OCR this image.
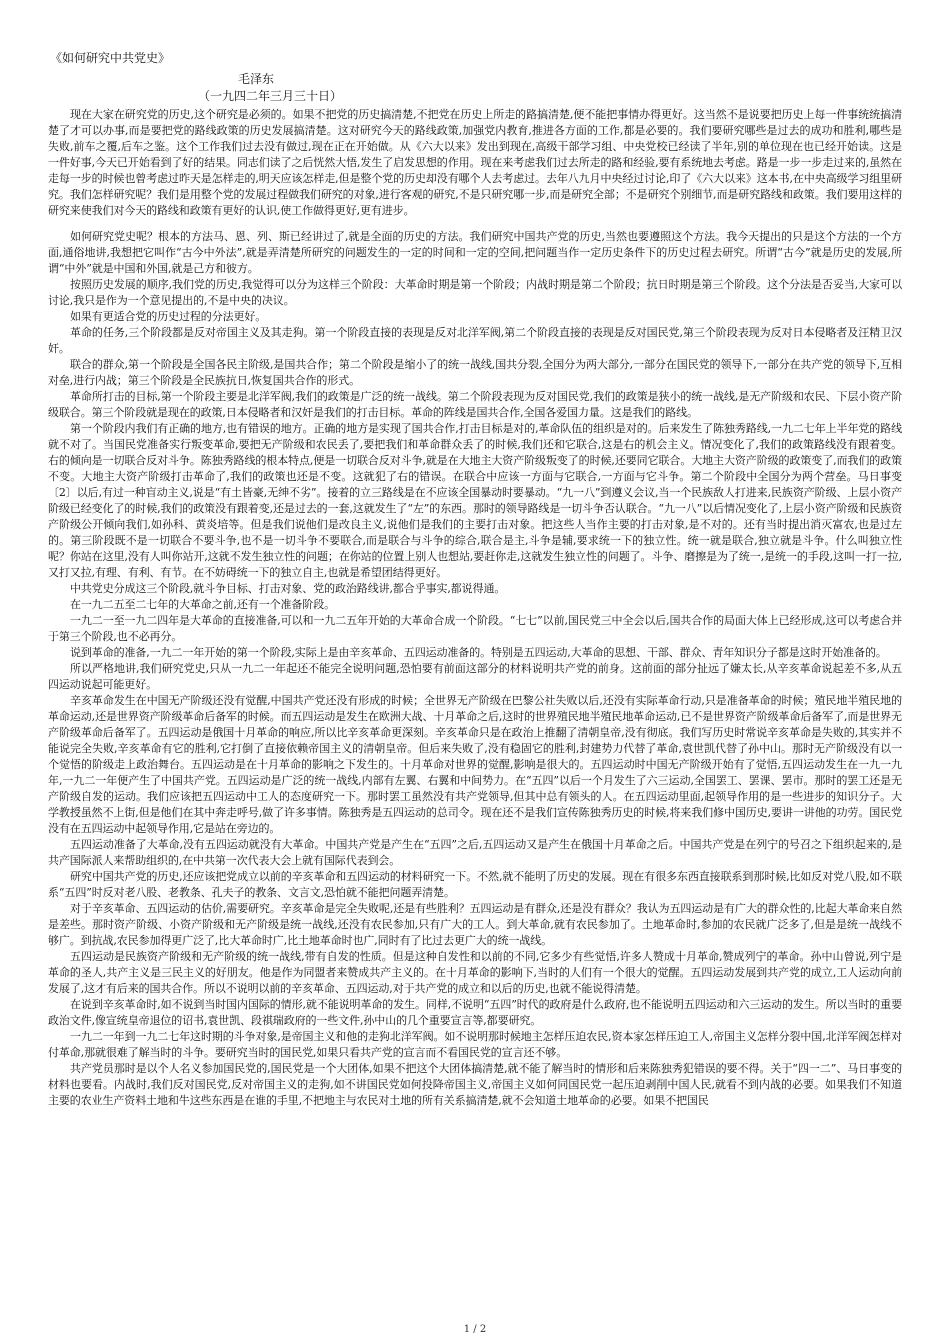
《如何研究中共党史》
毛泽东
（一九四二年三月三十日）

现在大家在研究党的历史,这个研究是必须的。如果不把党的历史搞清楚,不把党在历史上所走的路搞清楚,便不能把事情办得更好。这当然不是说要把历史上每一件事统统搞清楚了才可以办事,而是要把党的路线政策的历史发展搞清楚。这对研究今天的路线政策,加强党内教育,推进各方面的工作,都是必要的。我们要研究哪些是过去的成功和胜利,哪些是失败,前车之覆,后车之鉴。这个工作我们过去没有做过,现在正在开始做。从《六大以来》发出到现在,高级干部学习组、中央党校已经读了半年,别的单位现在也已经开始读。这是一件好事,今天已开始看到了好的结果。同志们读了之后恍然大悟,发生了启发思想的作用。现在来考虑我们过去所走的路和经验,要有系统地去考虑。路是一步一步走过来的,虽然在走每一步的时候也曾考虑过昨天是怎样走的,明天应该怎样走,但是整个党的历史却没有哪个人去考虑过。去年八九月中央经过讨论,印了《六大以来》这本书,在中央高级学习组里研究。我们怎样研究呢？我们是用整个党的发展过程做我们研究的对象,进行客观的研究,不是只研究哪一步,而是研究全部；不是研究个别细节,而是研究路线和政策。我们要用这样的研究来使我们对今天的路线和政策有更好的认识,使工作做得更好,更有进步。

如何研究党史呢？根本的方法马、恩、列、斯已经讲过了,就是全面的历史的方法。我们研究中国共产党的历史,当然也要遵照这个方法。我今天提出的只是这个方法的一个方面,通俗地讲,我想把它叫作“古今中外法”,就是弄清楚所研究的问题发生的一定的时间和一定的空间,把问题当作一定历史条件下的历史过程去研究。所谓“古今”就是历史的发展,所谓“中外”就是中国和外国,就是己方和彼方。

按照历史发展的顺序,我们党的历史,我觉得可以分为这样三个阶段：大革命时期是第一个阶段；内战时期是第二个阶段；抗日时期是第三个阶段。这个分法是否妥当,大家可以讨论,我只是作为一个意见提出的,不是中央的决议。

如果有更适合党的历史过程的分法更好。

革命的任务,三个阶段都是反对帝国主义及其走狗。第一个阶段直接的表现是反对北洋军阀,第二个阶段直接的表现是反对国民党,第三个阶段表现为反对日本侵略者及汪精卫汉奸。

联合的群众,第一个阶段是全国各民主阶级,是国共合作；第二个阶段是缩小了的统一战线,国共分裂,全国分为两大部分,一部分在国民党的领导下,一部分在共产党的领导下,互相对垒,进行内战；第三个阶段是全民族抗日,恢复国共合作的形式。

革命所打击的目标,第一个阶段主要是北洋军阀,我们的政策是广泛的统一战线。第二个阶段表现为反对国民党,我们的政策是狭小的统一战线,是无产阶级和农民、下层小资产阶级联合。第三个阶段就是现在的政策,日本侵略者和汉奸是我们的打击目标。革命的阵线是国共合作,全国各爱国力量。这是我们的路线。

第一个阶段内我们有正确的地方,也有错误的地方。正确的地方是实现了国共合作,打击目标是对的,革命队伍的组织是对的。后来发生了陈独秀路线,一九二七年上半年党的路线就不对了。当国民党准备实行叛变革命,要把无产阶级和农民丢了,要把我们和革命群众丢了的时候,我们还和它联合,这是右的机会主义。情况变化了,我们的政策路线没有跟着变。右的倾向是一切联合反对斗争。陈独秀路线的根本特点,便是一切联合反对斗争,就是在大地主大资产阶级叛变了的时候,还要同它联合。大地主大资产阶级的政策变了,而我们的政策不变。大地主大资产阶级打击革命了,我们的政策也还是不变。这就犯了右的错误。在联合中应该一方面与它联合,一方面与它斗争。第二个阶段中全国分为两个营垒。马日事变〔2〕以后,有过一种盲动主义,说是“有土皆豪,无绅不劣”。接着的立三路线是在不应该全国暴动时要暴动。“九一八”到遵义会议,当一个民族敌人打进来,民族资产阶级、上层小资产阶级已经变化了的时候,我们的政策没有跟着变,还是过去的一套,这就发生了“左”的东西。那时的领导路线是一切斗争否认联合。“九一八”以后情况变化了,上层小资产阶级和民族资产阶级公开倾向我们,如孙科、黄炎培等。但是我们说他们是改良主义,说他们是我们的主要打击对象。把这些人当作主要的打击对象,是不对的。还有当时提出消灭富农,也是过左的。第三阶段既不是一切联合不要斗争,也不是一切斗争不要联合,而是联合与斗争的综合,联合是主,斗争是辅,要求统一下的独立性。统一就是联合,独立就是斗争。什么叫独立性呢？你站在这里,没有人叫你站开,这就不发生独立性的问题；在你站的位置上别人也想站,要赶你走,这就发生独立性的问题了。斗争、磨擦是为了统一,是统一的手段,这叫一打一拉,又打又拉,有理、有利、有节。在不妨碍统一下的独立自主,也就是希望团结得更好。

中共党史分成这三个阶段,就斗争目标、打击对象、党的政治路线讲,都合乎事实,都说得通。

在一九二五至二七年的大革命之前,还有一个准备阶段。

一九二一至一九二四年是大革命的直接准备,可以和一九二五年开始的大革命合成一个阶段。“七七”以前,国民党三中全会以后,国共合作的局面大体上已经形成,这可以考虑合并于第三个阶段,也不必再分。

说到革命的准备,一九二一年开始的第一个阶段,实际上是由辛亥革命、五四运动准备的。特别是五四运动,大革命的思想、干部、群众、青年知识分子都是这时开始准备的。

所以严格地讲,我们研究党史,只从一九二一年起还不能完全说明问题,恐怕要有前面这部分的材料说明共产党的前身。这前面的部分扯远了嫌太长,从辛亥革命说起差不多,从五四运动说起可能更好。

辛亥革命发生在中国无产阶级还没有觉醒,中国共产党还没有形成的时候；全世界无产阶级在巴黎公社失败以后,还没有实际革命行动,只是准备革命的时候；殖民地半殖民地的革命运动,还是世界资产阶级革命后备军的时候。而五四运动是发生在欧洲大战、十月革命之后,这时的世界殖民地半殖民地革命运动,已不是世界资产阶级革命后备军了,而是世界无产阶级革命后备军了。五四运动是俄国十月革命的响应,所以比辛亥革命更深刻。辛亥革命只是在政治上推翻了清朝皇帝,没有彻底。我们写历史时常说辛亥革命是失败的,其实并不能说完全失败,辛亥革命有它的胜利,它打倒了直接依赖帝国主义的清朝皇帝。但后来失败了,没有稳固它的胜利,封建势力代替了革命,袁世凯代替了孙中山。那时无产阶级没有以一个觉悟的阶级走上政治舞台。五四运动是在十月革命的影响之下发生的。十月革命对世界的觉醒,影响是很大的。五四运动时中国无产阶级开始有了觉悟,五四运动发生在一九一九年,一九二一年便产生了中国共产党。五四运动是广泛的统一战线,内部有左翼、右翼和中间势力。在“五四”以后一个月发生了六三运动,全国罢工、罢课、罢市。那时的罢工还是无产阶级自发的运动。我们应该把五四运动中工人的态度研究一下。那时罢工虽然没有共产党领导,但其中总有领头的人。在五四运动里面,起领导作用的是一些进步的知识分子。大学教授虽然不上街,但是他们在其中奔走呼号,做了许多事情。陈独秀是五四运动的总司令。现在还不是我们宣传陈独秀历史的时候,将来我们修中国历史,要讲一讲他的功劳。国民党没有在五四运动中起领导作用,它是站在旁边的。

五四运动准备了大革命,没有五四运动就没有大革命。中国共产党是产生在“五四”之后,五四运动又是产生在俄国十月革命之后。中国共产党是在列宁的号召之下组织起来的,是共产国际派人来帮助组织的,在中共第一次代表大会上就有国际代表到会。

研究中国共产党的历史,还应该把党成立以前的辛亥革命和五四运动的材料研究一下。不然,就不能明了历史的发展。现在有很多东西直接联系到那时候,比如反对党八股,如不联系“五四”时反对老八股、老教条、孔夫子的教条、文言文,恐怕就不能把问题弄清楚。

对于辛亥革命、五四运动的估价,需要研究。辛亥革命是完全失败呢,还是有些胜利？五四运动是有群众,还是没有群众？我认为五四运动是有广大的群众性的,比起大革命来自然是差些。那时资产阶级、小资产阶级和无产阶级是统一战线,还没有农民参加,只有广大的工人。到大革命,就有农民参加了。土地革命时,参加的农民就广泛多了,但是是统一战线不够广。到抗战,农民参加得更广泛了,比大革命时广,比土地革命时也广,同时有了比过去更广大的统一战线。

五四运动是民族资产阶级和无产阶级的统一战线,带有自发的性质。但是这种自发性和以前的不同,它多少有些觉悟,许多人赞成十月革命,赞成列宁的革命。孙中山曾说,列宁是革命的圣人,共产主义是三民主义的好朋友。他是作为同盟者来赞成共产主义的。在十月革命的影响下,当时的人们有一个很大的觉醒。五四运动发展到共产党的成立,工人运动向前发展了,这才有后来的国共合作。所以不说明以前的辛亥革命、五四运动,对于共产党的成立和以后的历史,也就不能说得清楚。

在说到辛亥革命时,如不说到当时国内国际的情形,就不能说明革命的发生。同样,不说明“五四”时代的政府是什么政府,也不能说明五四运动和六三运动的发生。所以当时的重要政治文件,像宣统皇帝退位的诏书,袁世凯、段祺瑞政府的一些文件,孙中山的几个重要宣言等,都要研究。

一九二一年到一九二七年这时期的斗争对象,是帝国主义和他的走狗北洋军阀。如不说明那时候地主怎样压迫农民,资本家怎样压迫工人,帝国主义怎样分裂中国,北洋军阀怎样对付革命,那就很难了解当时的斗争。要研究当时的国民党,如果只看共产党的宣言而不看国民党的宣言还不够。

共产党员那时是以个人名义参加国民党的,国民党是一个大团体,如果不把这个大团体搞清楚,就不能了解当时的情形和后来陈独秀犯错误的要不得。关于“四一二”、马日事变的材料也要看。内战时,我们反对国民党,反对帝国主义的走狗,如不讲国民党如何投降帝国主义,帝国主义如何同国民党一起压迫剥削中国人民,就看不到内战的必要。如果我们不知道主要的农业生产资料土地和牛这些东西是在谁的手里,不把地主与农民对土地的所有关系搞清楚,就不会知道土地革命的必要。如果不把国民

1 / 2
